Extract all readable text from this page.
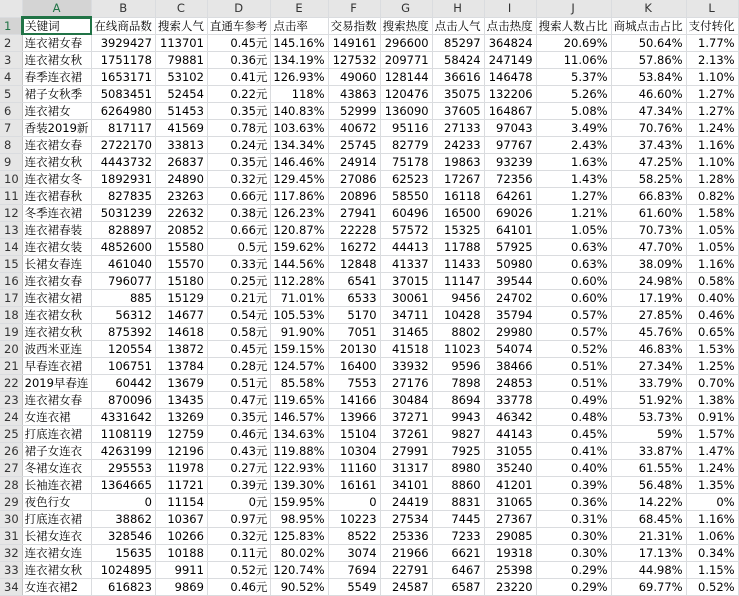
	A	B	C	D	E	F	G	H	I	J	K	L
1	关键词	在线商品数	搜索人气	直通车参考	点击率	交易指数	搜索热度	点击人气	点击热度	搜索人数占比	商城点击占比	支付转化
2	连衣裙女春	3929427	113701	0.45元	145.16%	149161	296600	85297	364824	20.69%	50.64%	1.77%
3	连衣裙女秋	1751178	79881	0.36元	134.19%	127532	209771	58424	247149	11.06%	57.86%	2.13%
4	春季连衣裙	1653171	53102	0.41元	126.93%	49060	128144	36616	146478	5.37%	53.84%	1.10%
5	裙子女秋季	5083451	52454	0.22元	118%	43863	120476	35075	132206	5.26%	46.60%	1.27%
6	连衣裙女	6264980	51453	0.35元	140.83%	52999	136090	37605	164867	5.08%	47.34%	1.27%
7	香装2019新	817117	41569	0.78元	103.63%	40672	95116	27133	97043	3.49%	70.76%	1.24%
8	连衣裙女春	2722170	33813	0.24元	134.34%	25745	82779	24233	97767	2.43%	37.43%	1.16%
9	连衣裙女秋	4443732	26837	0.35元	146.46%	24914	75178	19863	93239	1.63%	47.25%	1.10%
10	连衣裙女冬	1892931	24890	0.32元	129.45%	27086	62523	17267	72356	1.43%	58.25%	1.28%
11	连衣裙春秋	827835	23263	0.66元	117.86%	20896	58550	16118	64261	1.27%	66.83%	0.82%
12	冬季连衣裙	5031239	22632	0.38元	126.23%	27941	60496	16500	69026	1.21%	61.60%	1.58%
13	连衣裙春装	828897	20852	0.66元	120.87%	22228	57572	15325	64101	1.05%	70.73%	1.05%
14	连衣裙女装	4852600	15580	0.5元	159.62%	16272	44413	11788	57925	0.63%	47.70%	1.05%
15	长裙女春连	461040	15570	0.33元	144.56%	12848	41337	11433	50980	0.63%	38.09%	1.16%
16	连衣裙女春	796077	15180	0.25元	112.28%	6541	37015	11147	39544	0.60%	24.98%	0.58%
17	连衣裙女裙	885	15129	0.21元	71.01%	6533	30061	9456	24702	0.60%	17.19%	0.40%
18	连衣裙女秋	56312	14677	0.54元	105.53%	5170	34711	10428	35794	0.57%	27.85%	0.46%
19	连衣裙女秋	875392	14618	0.58元	91.90%	7051	31465	8802	29980	0.57%	45.76%	0.65%
20	波西米亚连	120554	13872	0.45元	159.15%	20130	41518	11023	54074	0.52%	46.83%	1.53%
21	早春连衣裙	106751	13784	0.28元	124.57%	16400	33932	9596	38466	0.51%	27.34%	1.25%
22	2019早春连	60442	13679	0.51元	85.58%	7553	27176	7898	24853	0.51%	33.79%	0.70%
23	连衣裙女春	870096	13435	0.47元	119.65%	14166	30484	8694	33778	0.49%	51.92%	1.38%
24	女连衣裙	4331642	13269	0.35元	146.57%	13966	37271	9943	46342	0.48%	53.73%	0.91%
25	打底连衣裙	1108119	12759	0.46元	134.63%	15104	37261	9827	44143	0.45%	59%	1.57%
26	裙子女连衣	4263199	12196	0.43元	119.88%	10304	27991	7925	31055	0.41%	33.87%	1.47%
27	冬裙女连衣	295553	11978	0.27元	122.93%	11160	31317	8980	35240	0.40%	61.55%	1.24%
28	长袖连衣裙	1364665	11721	0.39元	139.30%	16161	34101	8860	41201	0.39%	56.48%	1.35%
29	夜色行女	0	11154	0元	159.95%	0	24419	8831	31065	0.36%	14.22%	0%
30	打底连衣裙	38862	10367	0.97元	98.95%	10223	27534	7445	27367	0.31%	68.45%	1.16%
31	长裙女连衣	328546	10266	0.32元	125.83%	8522	25336	7233	29085	0.30%	21.31%	1.06%
32	连衣裙女连	15635	10188	0.11元	80.02%	3074	21966	6621	19318	0.30%	17.13%	0.34%
33	连衣裙女秋	1024895	9911	0.52元	120.74%	7694	22791	6467	25398	0.29%	44.98%	1.15%
34	女连衣裙2	616823	9869	0.46元	90.52%	5549	24587	6587	23220	0.29%	69.77%	0.52%
